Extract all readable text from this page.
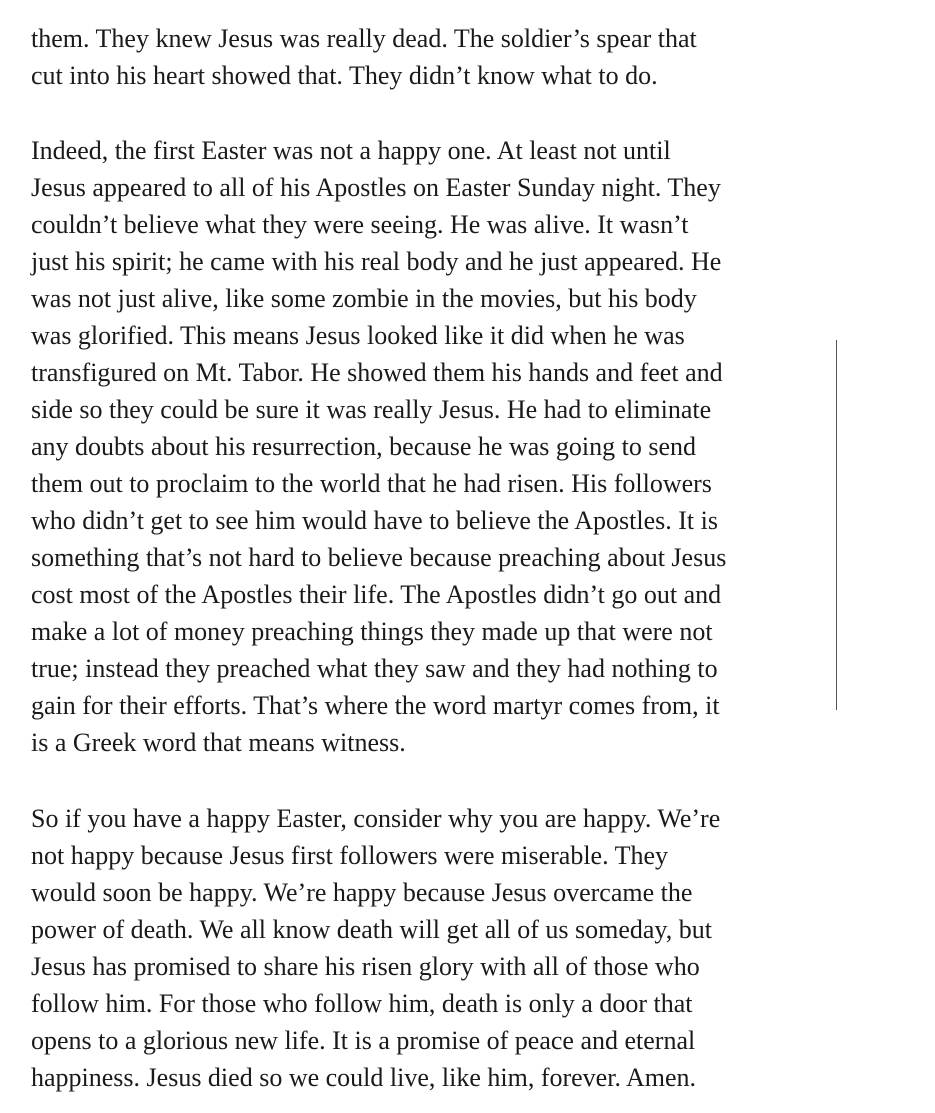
them. They knew Jesus was really dead. The soldier’s spear that

cut into his heart showed that. They didn’t know what to do.

Indeed, the first Easter was not a happy one. At least not until

Jesus appeared to all of his Apostles on Easter Sunday night. They

couldn’t believe what they were seeing. He was alive. It wasn’t

just his spirit; he came with his real body and he just appeared. He

was not just alive, like some zombie in the movies, but his body

was glorified. This means Jesus looked like it did when he was

transfigured on Mt. Tabor. He showed them his hands and feet and

side so they could be sure it was really Jesus. He had to eliminate

any doubts about his resurrection, because he was going to send

them out to proclaim to the world that he had risen. His followers

who didn’t get to see him would have to believe the Apostles. It is

something that’s not hard to believe because preaching about Jesus

cost most of the Apostles their life. The Apostles didn’t go out and

make a lot of money preaching things they made up that were not

true; instead they preached what they saw and they had nothing to

gain for their efforts. That’s where the word martyr comes from, it

is a Greek word that means witness.

So if you have a happy Easter, consider why you are happy. We’re

not happy because Jesus first followers were miserable. They

would soon be happy. We’re happy because Jesus overcame the

power of death. We all know death will get all of us someday, but

Jesus has promised to share his risen glory with all of those who

follow him. For those who follow him, death is only a door that

opens to a glorious new life. It is a promise of peace and eternal

happiness. Jesus died so we could live, like him, forever. Amen.
